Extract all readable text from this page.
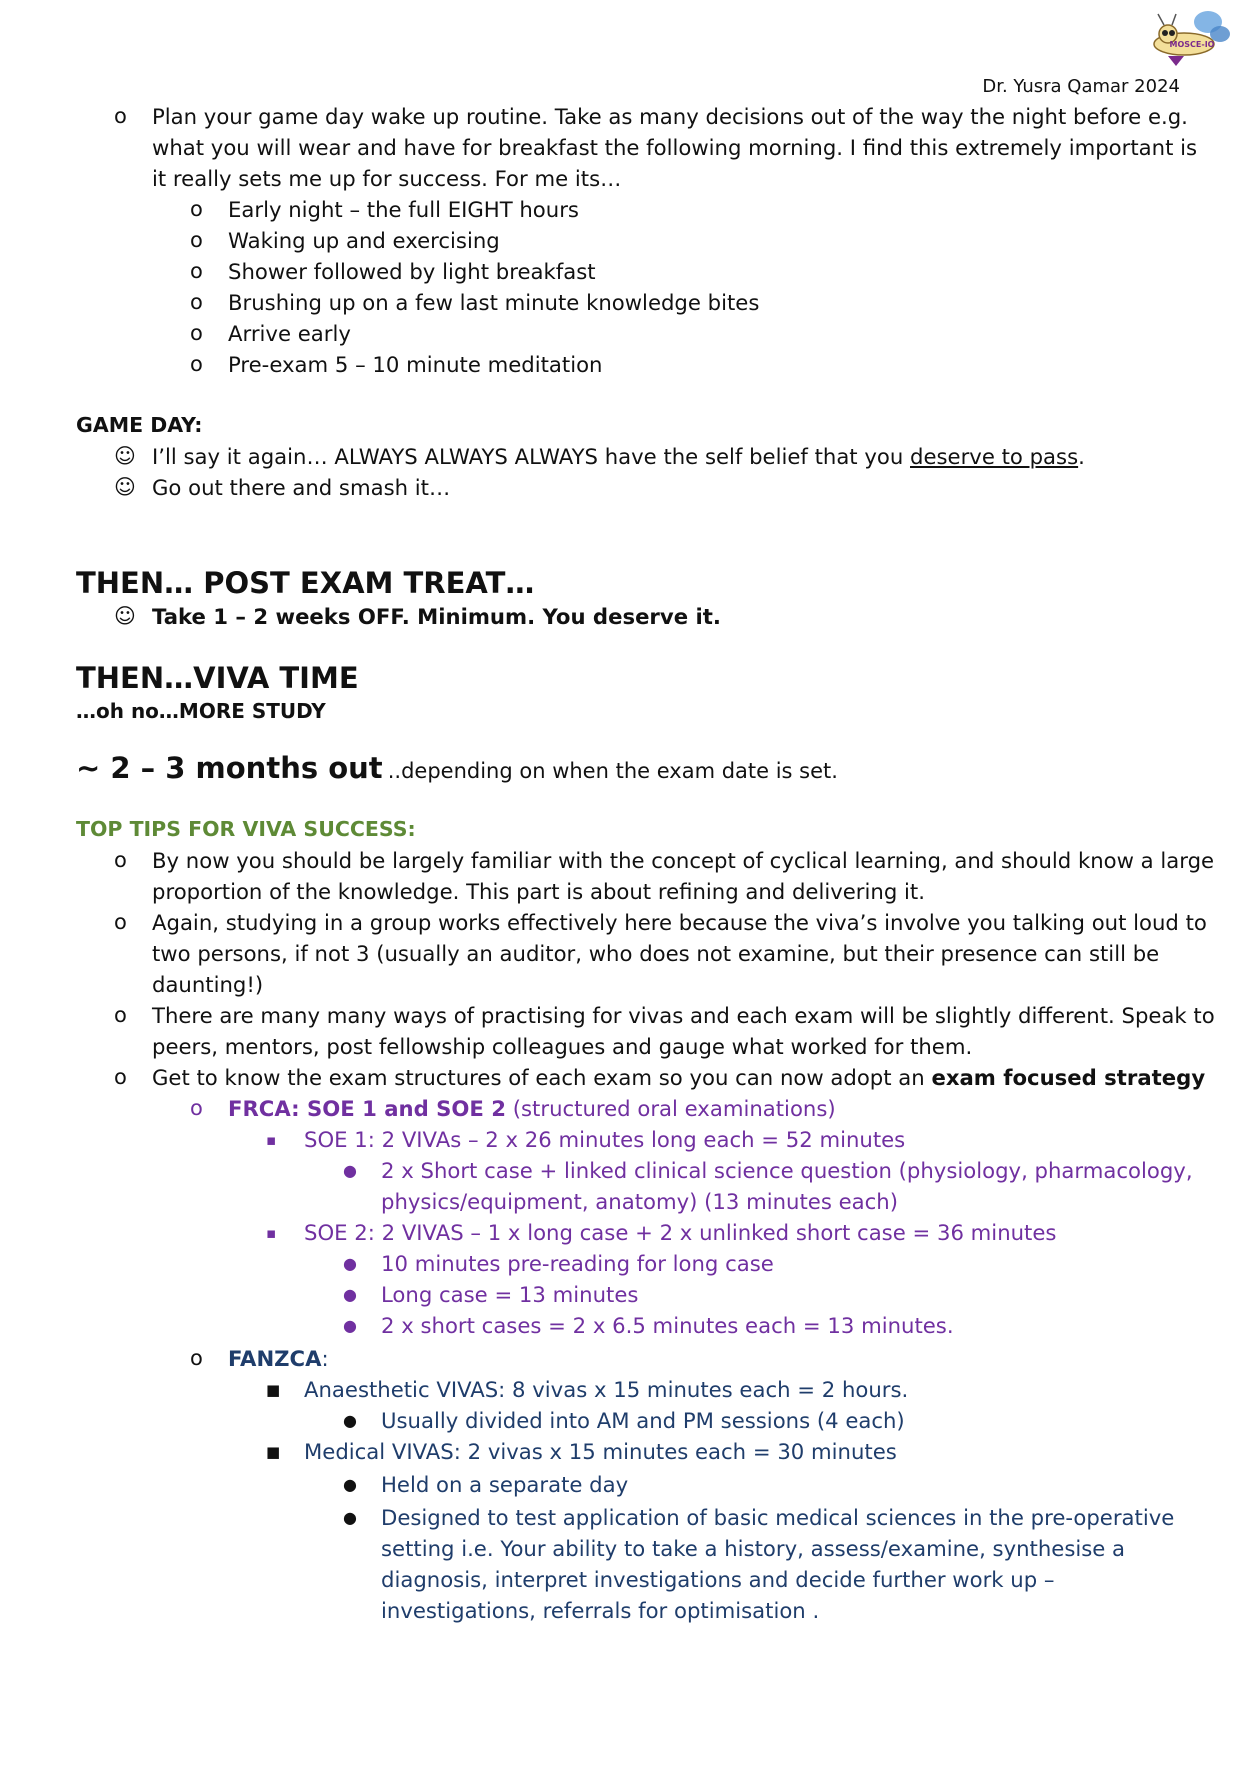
MOSCE-IO
Dr. Yusra Qamar 2024
o Plan your game day wake up routine. Take as many decisions out of the way the night before e.g.
what you will wear and have for breakfast the following morning. I find this extremely important is
it really sets me up for success. For me its…
o Early night – the full EIGHT hours
o Waking up and exercising
o Shower followed by light breakfast
o Brushing up on a few last minute knowledge bites
o Arrive early
o Pre-exam 5 – 10 minute meditation
GAME DAY:
☺ I’ll say it again… ALWAYS ALWAYS ALWAYS have the self belief that you deserve to pass.
☺ Go out there and smash it…
THEN… POST EXAM TREAT…
☺ Take 1 – 2 weeks OFF. Minimum. You deserve it.
THEN…VIVA TIME
…oh no…MORE STUDY
~ 2 – 3 months out ..depending on when the exam date is set.
TOP TIPS FOR VIVA SUCCESS:
o By now you should be largely familiar with the concept of cyclical learning, and should know a large
proportion of the knowledge. This part is about refining and delivering it.
o Again, studying in a group works effectively here because the viva’s involve you talking out loud to
two persons, if not 3 (usually an auditor, who does not examine, but their presence can still be
daunting!)
o There are many many ways of practising for vivas and each exam will be slightly different. Speak to
peers, mentors, post fellowship colleagues and gauge what worked for them.
o Get to know the exam structures of each exam so you can now adopt an exam focused strategy
o FRCA: SOE 1 and SOE 2 (structured oral examinations)
▪ SOE 1: 2 VIVAs – 2 x 26 minutes long each = 52 minutes
● 2 x Short case + linked clinical science question (physiology, pharmacology,
physics/equipment, anatomy) (13 minutes each)
▪ SOE 2: 2 VIVAS – 1 x long case + 2 x unlinked short case = 36 minutes
● 10 minutes pre-reading for long case
● Long case = 13 minutes
● 2 x short cases = 2 x 6.5 minutes each = 13 minutes.
o FANZCA:
■ Anaesthetic VIVAS: 8 vivas x 15 minutes each = 2 hours.
● Usually divided into AM and PM sessions (4 each)
■ Medical VIVAS: 2 vivas x 15 minutes each = 30 minutes
● Held on a separate day
● Designed to test application of basic medical sciences in the pre-operative
setting i.e. Your ability to take a history, assess/examine, synthesise a
diagnosis, interpret investigations and decide further work up –
investigations, referrals for optimisation .
